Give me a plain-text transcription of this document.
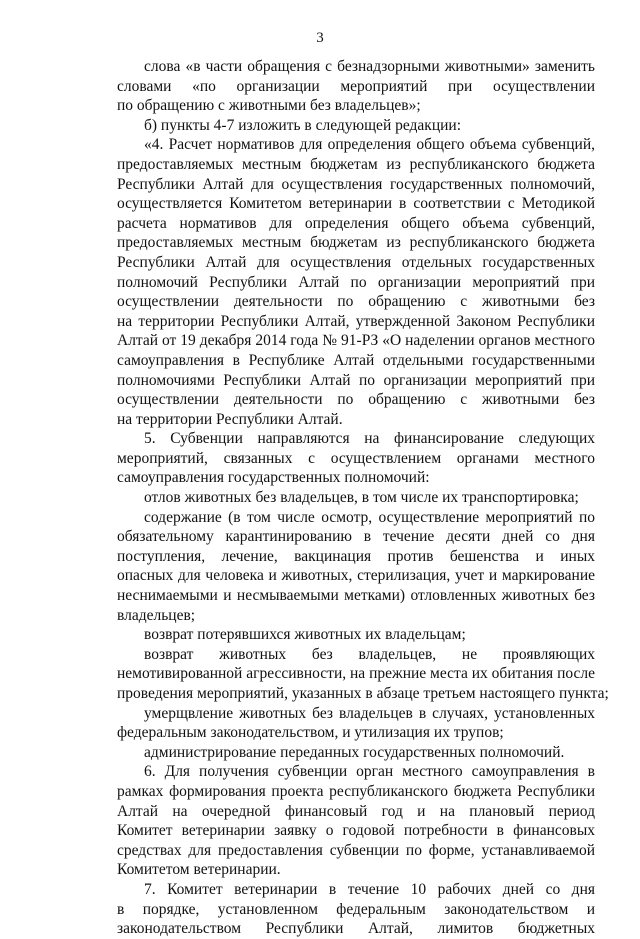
3
слова «в части обращения с безнадзорными животными» заменить
словами «по организации мероприятий при осуществлении
по обращению с животными без владельцев»;
б) пункты 4-7 изложить в следующей редакции:
«4. Расчет нормативов для определения общего объема субвенций,
предоставляемых местным бюджетам из республиканского бюджета
Республики Алтай для осуществления государственных полномочий,
осуществляется Комитетом ветеринарии в соответствии с Методикой
расчета нормативов для определения общего объема субвенций,
предоставляемых местным бюджетам из республиканского бюджета
Республики Алтай для осуществления отдельных государственных
полномочий Республики Алтай по организации мероприятий при
осуществлении деятельности по обращению с животными без
на территории Республики Алтай, утвержденной Законом Республики
Алтай от 19 декабря 2014 года № 91-РЗ «О наделении органов местного
самоуправления в Республике Алтай отдельными государственными
полномочиями Республики Алтай по организации мероприятий при
осуществлении деятельности по обращению с животными без
на территории Республики Алтай.
5. Субвенции направляются на финансирование следующих
мероприятий, связанных с осуществлением органами местного
самоуправления государственных полномочий:
отлов животных без владельцев, в том числе их транспортировка;
содержание (в том числе осмотр, осуществление мероприятий по
обязательному карантинированию в течение десяти дней со дня
поступления, лечение, вакцинация против бешенства и иных
опасных для человека и животных, стерилизация, учет и маркирование
неснимаемыми и несмываемыми метками) отловленных животных без
владельцев;
возврат потерявшихся животных их владельцам;
возврат животных без владельцев, не проявляющих
немотивированной агрессивности, на прежние места их обитания после
проведения мероприятий, указанных в абзаце третьем настоящего пункта;
умерщвление животных без владельцев в случаях, установленных
федеральным законодательством, и утилизация их трупов;
администрирование переданных государственных полномочий.
6. Для получения субвенции орган местного самоуправления в
рамках формирования проекта республиканского бюджета Республики
Алтай на очередной финансовый год и на плановый период
Комитет ветеринарии заявку о годовой потребности в финансовых
средствах для предоставления субвенции по форме, устанавливаемой
Комитетом ветеринарии.
7. Комитет ветеринарии в течение 10 рабочих дней со дня
в порядке, установленном федеральным законодательством и
законодательством Республики Алтай, лимитов бюджетных
